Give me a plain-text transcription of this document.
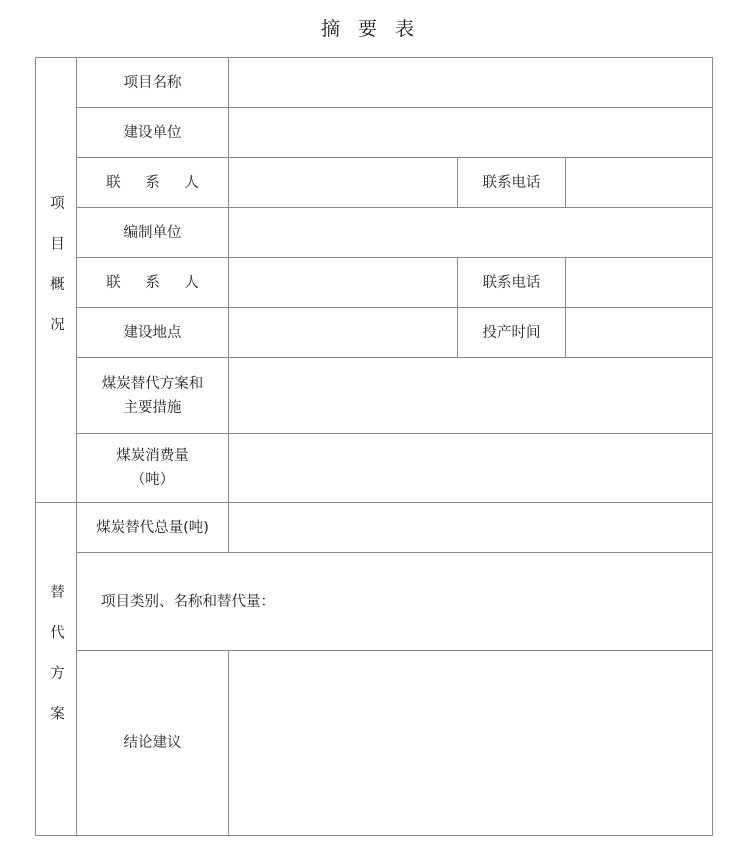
摘 要 表
项目概况	项目名称			

	建设单位			

	联 系 人		联系电话	

	编制单位			

	联 系 人		联系电话	

	建设地点		投产时间	

	煤炭替代方案和
主要措施			

	煤炭消费量
（吨）			

替代方案	煤炭替代总量(吨)			

	项目类别、名称和替代量：			
	结论建议			
